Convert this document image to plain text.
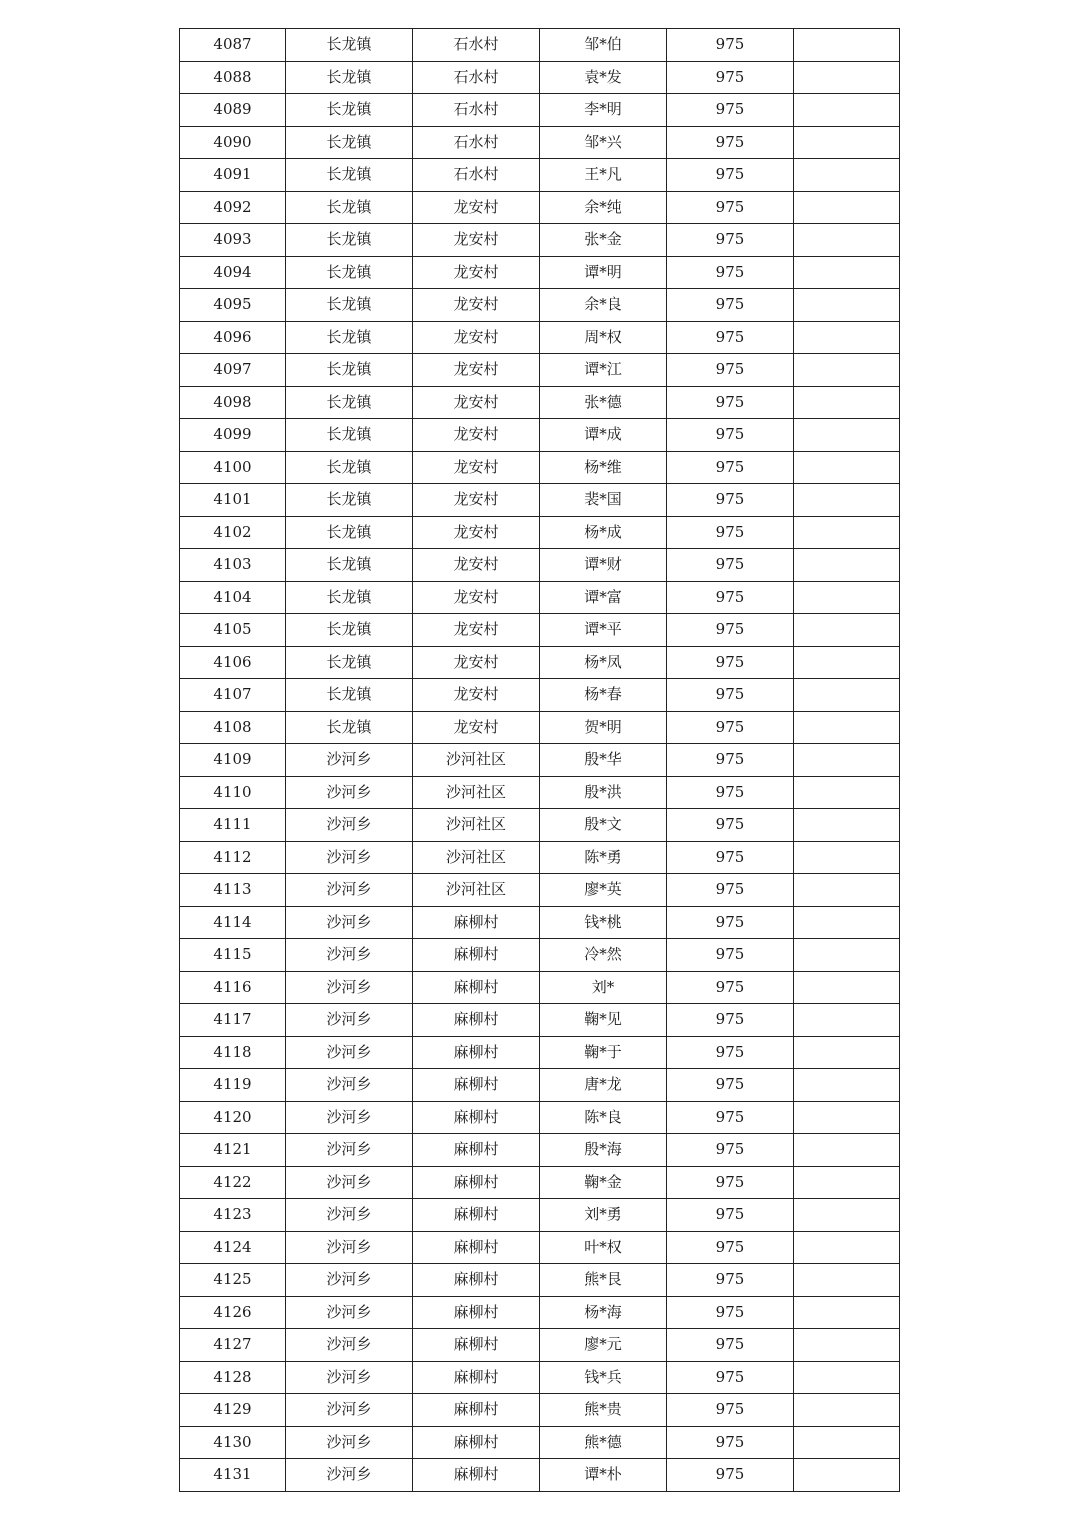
4087	长龙镇	石水村	邹*伯	975	
4088	长龙镇	石水村	袁*发	975	
4089	长龙镇	石水村	李*明	975	
4090	长龙镇	石水村	邹*兴	975	
4091	长龙镇	石水村	王*凡	975	
4092	长龙镇	龙安村	余*纯	975	
4093	长龙镇	龙安村	张*金	975	
4094	长龙镇	龙安村	谭*明	975	
4095	长龙镇	龙安村	余*良	975	
4096	长龙镇	龙安村	周*权	975	
4097	长龙镇	龙安村	谭*江	975	
4098	长龙镇	龙安村	张*德	975	
4099	长龙镇	龙安村	谭*成	975	
4100	长龙镇	龙安村	杨*维	975	
4101	长龙镇	龙安村	裴*国	975	
4102	长龙镇	龙安村	杨*成	975	
4103	长龙镇	龙安村	谭*财	975	
4104	长龙镇	龙安村	谭*富	975	
4105	长龙镇	龙安村	谭*平	975	
4106	长龙镇	龙安村	杨*凤	975	
4107	长龙镇	龙安村	杨*春	975	
4108	长龙镇	龙安村	贺*明	975	
4109	沙河乡	沙河社区	殷*华	975	
4110	沙河乡	沙河社区	殷*洪	975	
4111	沙河乡	沙河社区	殷*文	975	
4112	沙河乡	沙河社区	陈*勇	975	
4113	沙河乡	沙河社区	廖*英	975	
4114	沙河乡	麻柳村	钱*桃	975	
4115	沙河乡	麻柳村	冷*然	975	
4116	沙河乡	麻柳村	刘*	975	
4117	沙河乡	麻柳村	鞠*见	975	
4118	沙河乡	麻柳村	鞠*于	975	
4119	沙河乡	麻柳村	唐*龙	975	
4120	沙河乡	麻柳村	陈*良	975	
4121	沙河乡	麻柳村	殷*海	975	
4122	沙河乡	麻柳村	鞠*金	975	
4123	沙河乡	麻柳村	刘*勇	975	
4124	沙河乡	麻柳村	叶*权	975	
4125	沙河乡	麻柳村	熊*艮	975	
4126	沙河乡	麻柳村	杨*海	975	
4127	沙河乡	麻柳村	廖*元	975	
4128	沙河乡	麻柳村	钱*兵	975	
4129	沙河乡	麻柳村	熊*贵	975	
4130	沙河乡	麻柳村	熊*德	975	
4131	沙河乡	麻柳村	谭*朴	975	
